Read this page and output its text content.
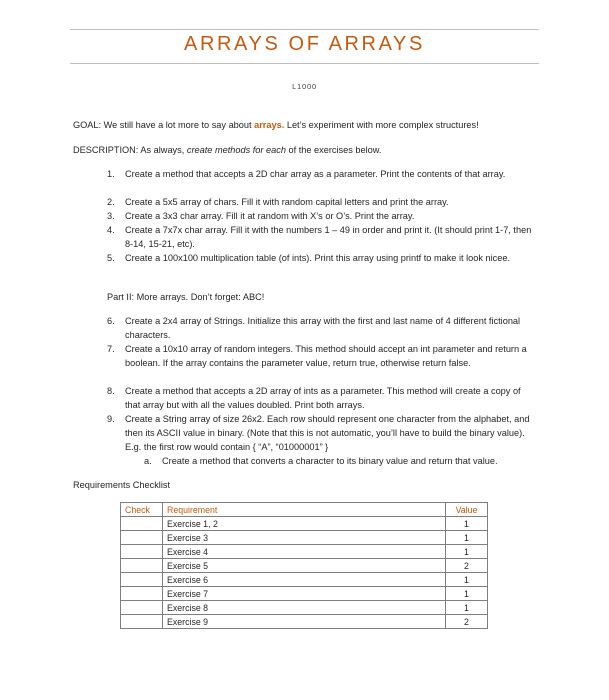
ARRAYS OF ARRAYS
L1000
GOAL: We still have a lot more to say about arrays. Let’s experiment with more complex structures!
DESCRIPTION: As always, create methods for each of the exercises below.
1. Create a method that accepts a 2D char array as a parameter. Print the contents of that array.
2. Create a 5x5 array of chars. Fill it with random capital letters and print the array.
3. Create a 3x3 char array. Fill it at random with X’s or O’s. Print the array.
4. Create a 7x7x char array. Fill it with the numbers 1 – 49 in order and print it. (It should print 1-7, then 8-14, 15-21, etc).
5. Create a 100x100 multiplication table (of ints). Print this array using printf to make it look nicee.
Part II: More arrays. Don’t forget: ABC!
6. Create a 2x4 array of Strings. Initialize this array with the first and last name of 4 different fictional characters.
7. Create a 10x10 array of random integers. This method should accept an int parameter and return a boolean. If the array contains the parameter value, return true, otherwise return false.
8. Create a method that accepts a 2D array of ints as a parameter. This method will create a copy of that array but with all the values doubled. Print both arrays.
9. Create a String array of size 26x2. Each row should represent one character from the alphabet, and then its ASCII value in binary. (Note that this is not automatic, you’ll have to build the binary value). E.g. the first row would contain { “A”, “01000001” }
a. Create a method that converts a character to its binary value and return that value.
Requirements Checklist
Check	Requirement	Value
	Exercise 1, 2	1
	Exercise 3	1
	Exercise 4	1
	Exercise 5	2
	Exercise 6	1
	Exercise 7	1
	Exercise 8	1
	Exercise 9	2
